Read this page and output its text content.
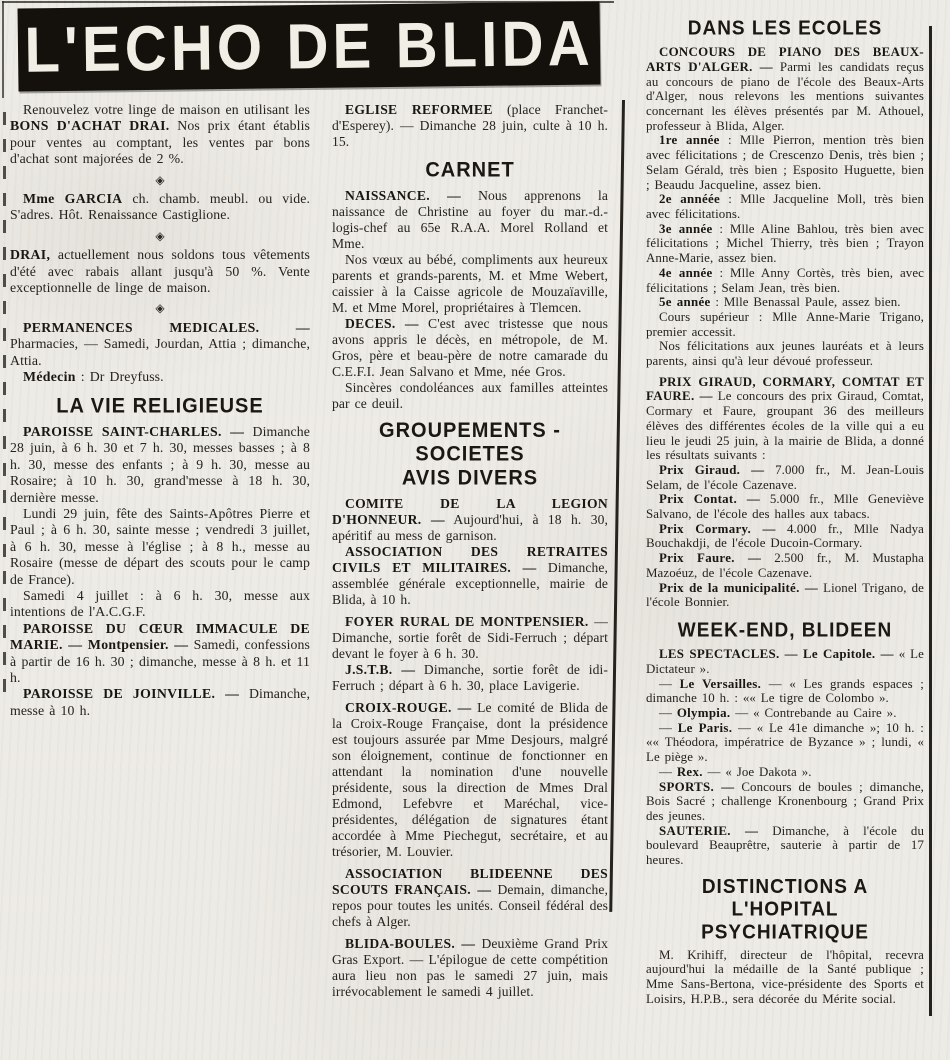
L'ECHO DE BLIDA

Renouvelez votre linge de maison en utilisant les BONS D'ACHAT DRAI. Nos prix étant établis pour ventes au comptant, les ventes par bons d'achat sont majorées de 2 %.

◈

Mme GARCIA ch. chamb. meubl. ou vide. S'adres. Hôt. Renaissance Castiglione.

◈

DRAI, actuellement nous soldons tous vêtements d'été avec rabais allant jusqu'à 50 %. Vente exceptionnelle de linge de maison.

◈

PERMANENCES MEDICALES. — Pharmacies, — Samedi, Jourdan, Attia ; dimanche, Attia.

Médecin : Dr Dreyfuss.

LA VIE RELIGIEUSE

PAROISSE SAINT-CHARLES. — Dimanche 28 juin, à 6 h. 30 et 7 h. 30, messes basses ; à 8 h. 30, messe des enfants ; à 9 h. 30, messe au Rosaire; à 10 h. 30, grand'messe à 18 h. 30, dernière messe.

Lundi 29 juin, fête des Saints-Apôtres Pierre et Paul ; à 6 h. 30, sainte messe ; vendredi 3 juillet, à 6 h. 30, messe à l'église ; à 8 h., messe au Rosaire (messe de départ des scouts pour le camp de France).

Samedi 4 juillet : à 6 h. 30, messe aux intentions de l'A.C.G.F.

PAROISSE DU CŒUR IMMACULE DE MARIE. — Montpensier. — Samedi, confessions à partir de 16 h. 30 ; dimanche, messe à 8 h. et 11 h.

PAROISSE DE JOINVILLE. — Dimanche, messe à 10 h.

EGLISE REFORMEE (place Franchet-d'Esperey). — Dimanche 28 juin, culte à 10 h. 15.

CARNET

NAISSANCE. — Nous apprenons la naissance de Christine au foyer du mar.-d.-logis-chef au 65e R.A.A. Morel Rolland et Mme.

Nos vœux au bébé, compliments aux heureux parents et grands-parents, M. et Mme Webert, caissier à la Caisse agricole de Mouzaïaville, M. et Mme Morel, propriétaires à Tlemcen.

DECES. — C'est avec tristesse que nous avons appris le décès, en métropole, de M. Gros, père et beau-père de notre camarade du C.E.F.I. Jean Salvano et Mme, née Gros.

Sincères condoléances aux familles atteintes par ce deuil.

GROUPEMENTS - SOCIETES
AVIS DIVERS

COMITE DE LA LEGION D'HONNEUR. — Aujourd'hui, à 18 h. 30, apéritif au mess de garnison.

ASSOCIATION DES RETRAITES CIVILS ET MILITAIRES. — Dimanche, assemblée générale exceptionnelle, mairie de Blida, à 10 h.

FOYER RURAL DE MONTPENSIER. — Dimanche, sortie forêt de Sidi-Ferruch ; départ devant le foyer à 6 h. 30.

J.S.T.B. — Dimanche, sortie forêt de idi-Ferruch ; départ à 6 h. 30, place Lavigerie.

CROIX-ROUGE. — Le comité de Blida de la Croix-Rouge Française, dont la présidence est toujours assurée par Mme Desjours, malgré son éloignement, continue de fonctionner en attendant la nomination d'une nouvelle présidente, sous la direction de Mmes Dral Edmond, Lefebvre et Maréchal, vice-présidentes, délégation de signatures étant accordée à Mme Piechegut, secrétaire, et au trésorier, M. Louvier.

ASSOCIATION BLIDEENNE DES SCOUTS FRANÇAIS. — Demain, dimanche, repos pour toutes les unités. Conseil fédéral des chefs à Alger.

BLIDA-BOULES. — Deuxième Grand Prix Gras Export. — L'épilogue de cette compétition aura lieu non pas le samedi 27 juin, mais irrévocablement le samedi 4 juillet.

DANS LES ECOLES

CONCOURS DE PIANO DES BEAUX-ARTS D'ALGER. — Parmi les candidats reçus au concours de piano de l'école des Beaux-Arts d'Alger, nous relevons les mentions suivantes concernant les élèves présentés par M. Athouel, professeur à Blida, Alger.

1re année : Mlle Pierron, mention très bien avec félicitations ; de Crescenzo Denis, très bien ; Selam Gérald, très bien ; Esposito Huguette, bien ; Beaudu Jacqueline, assez bien.

2e annéée : Mlle Jacqueline Moll, très bien avec félicitations.

3e année : Mlle Aline Bahlou, très bien avec félicitations ; Michel Thierry, très bien ; Trayon Anne-Marie, assez bien.

4e année : Mlle Anny Cortès, très bien, avec félicitations ; Selam Jean, très bien.

5e année : Mlle Benassal Paule, assez bien.

Cours supérieur : Mlle Anne-Marie Trigano, premier accessit.

Nos félicitations aux jeunes lauréats et à leurs parents, ainsi qu'à leur dévoué professeur.

PRIX GIRAUD, CORMARY, COMTAT ET FAURE. — Le concours des prix Giraud, Comtat, Cormary et Faure, groupant 36 des meilleurs élèves des différentes écoles de la ville qui a eu lieu le jeudi 25 juin, à la mairie de Blida, a donné les résultats suivants :

Prix Giraud. — 7.000 fr., M. Jean-Louis Selam, de l'école Cazenave.

Prix Contat. — 5.000 fr., Mlle Geneviève Salvano, de l'école des halles aux tabacs.

Prix Cormary. — 4.000 fr., Mlle Nadya Bouchakdji, de l'école Ducoin-Cormary.

Prix Faure. — 2.500 fr., M. Mustapha Mazoéuz, de l'école Cazenave.

Prix de la municipalité. — Lionel Trigano, de l'école Bonnier.

WEEK-END, BLIDEEN

LES SPECTACLES. — Le Capitole. — « Le Dictateur ».

— Le Versailles. — « Les grands espaces ; dimanche 10 h. : «« Le tigre de Colombo ».

— Olympia. — « Contrebande au Caire ».

— Le Paris. — « Le 41e dimanche »; 10 h. : «« Théodora, impératrice de Byzance » ; lundi, « Le piège ».

— Rex. — « Joe Dakota ».

SPORTS. — Concours de boules ; dimanche, Bois Sacré ; challenge Kronenbourg ; Grand Prix des jeunes.

SAUTERIE. — Dimanche, à l'école du boulevard Beauprêtre, sauterie à partir de 17 heures.

DISTINCTIONS A L'HOPITAL
PSYCHIATRIQUE

M. Krihiff, directeur de l'hôpital, recevra aujourd'hui la médaille de la Santé publique ; Mme Sans-Bertona, vice-présidente des Sports et Loisirs, H.P.B., sera décorée du Mérite social.
